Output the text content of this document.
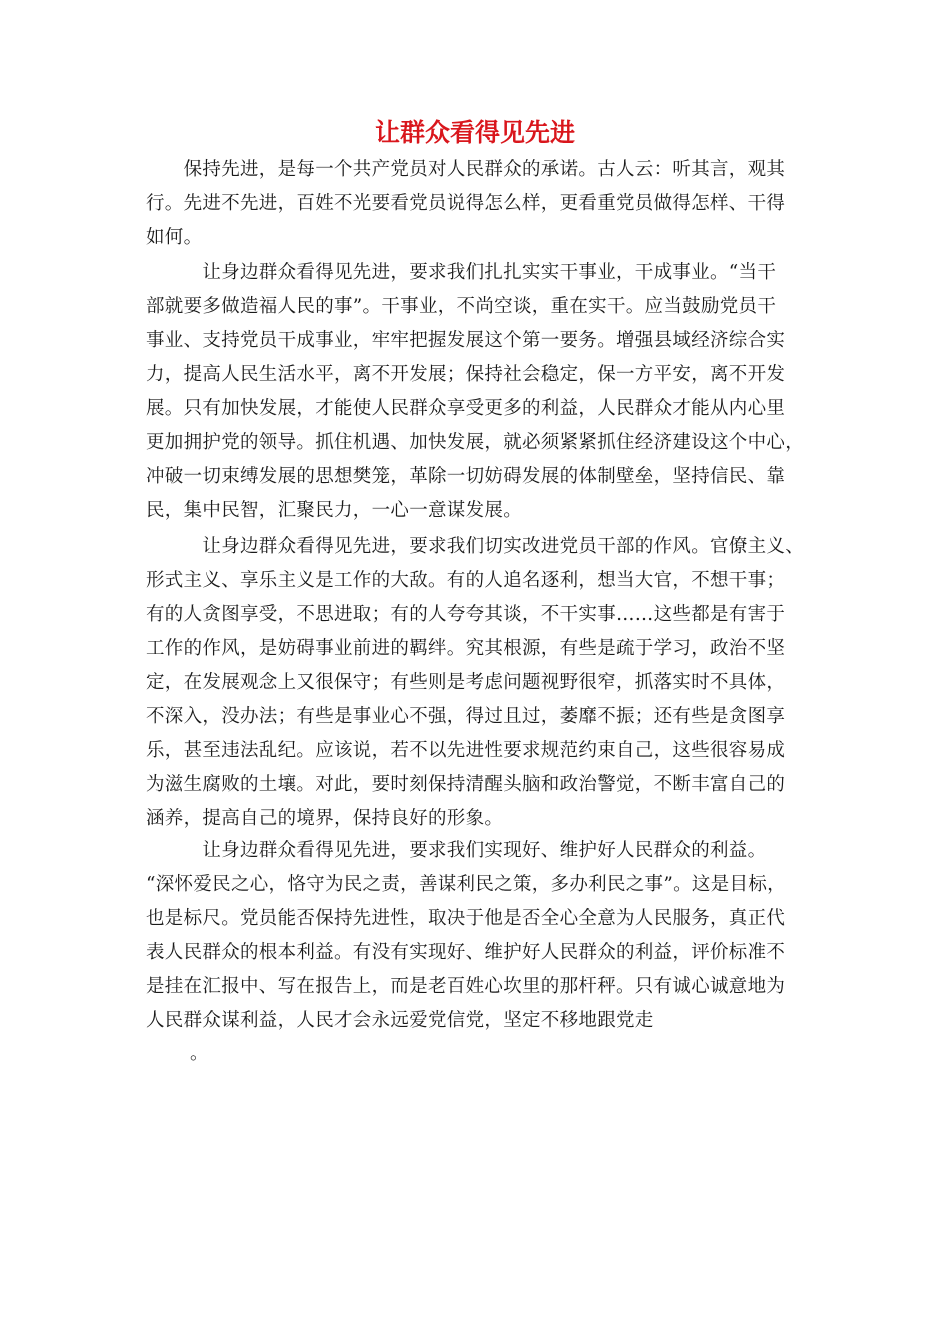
让群众看得见先进

　　保持先进，是每一个共产党员对人民群众的承诺。古人云：听其言，观其
行。先进不先进，百姓不光要看党员说得怎么样，更看重党员做得怎样、干得
如何。

　　　让身边群众看得见先进，要求我们扎扎实实干事业，干成事业。“当干
部就要多做造福人民的事”。干事业，不尚空谈，重在实干。应当鼓励党员干
事业、支持党员干成事业，牢牢把握发展这个第一要务。增强县域经济综合实
力，提高人民生活水平，离不开发展；保持社会稳定，保一方平安，离不开发
展。只有加快发展，才能使人民群众享受更多的利益，人民群众才能从内心里
更加拥护党的领导。抓住机遇、加快发展，就必须紧紧抓住经济建设这个中心，
冲破一切束缚发展的思想樊笼，革除一切妨碍发展的体制壁垒，坚持信民、靠
民，集中民智，汇聚民力，一心一意谋发展。

　　　让身边群众看得见先进，要求我们切实改进党员干部的作风。官僚主义、
形式主义、享乐主义是工作的大敌。有的人追名逐利，想当大官，不想干事；
有的人贪图享受，不思进取；有的人夸夸其谈，不干实事……这些都是有害于
工作的作风，是妨碍事业前进的羁绊。究其根源，有些是疏于学习，政治不坚
定，在发展观念上又很保守；有些则是考虑问题视野很窄，抓落实时不具体，
不深入，没办法；有些是事业心不强，得过且过，萎靡不振；还有些是贪图享
乐，甚至违法乱纪。应该说，若不以先进性要求规范约束自己，这些很容易成
为滋生腐败的土壤。对此，要时刻保持清醒头脑和政治警觉，不断丰富自己的
涵养，提高自己的境界，保持良好的形象。

　　　让身边群众看得见先进，要求我们实现好、维护好人民群众的利益。
“深怀爱民之心，恪守为民之责，善谋利民之策，多办利民之事”。这是目标，
也是标尺。党员能否保持先进性，取决于他是否全心全意为人民服务，真正代
表人民群众的根本利益。有没有实现好、维护好人民群众的利益，评价标准不
是挂在汇报中、写在报告上，而是老百姓心坎里的那杆秤。只有诚心诚意地为
人民群众谋利益，人民才会永远爱党信党，坚定不移地跟党走

。
